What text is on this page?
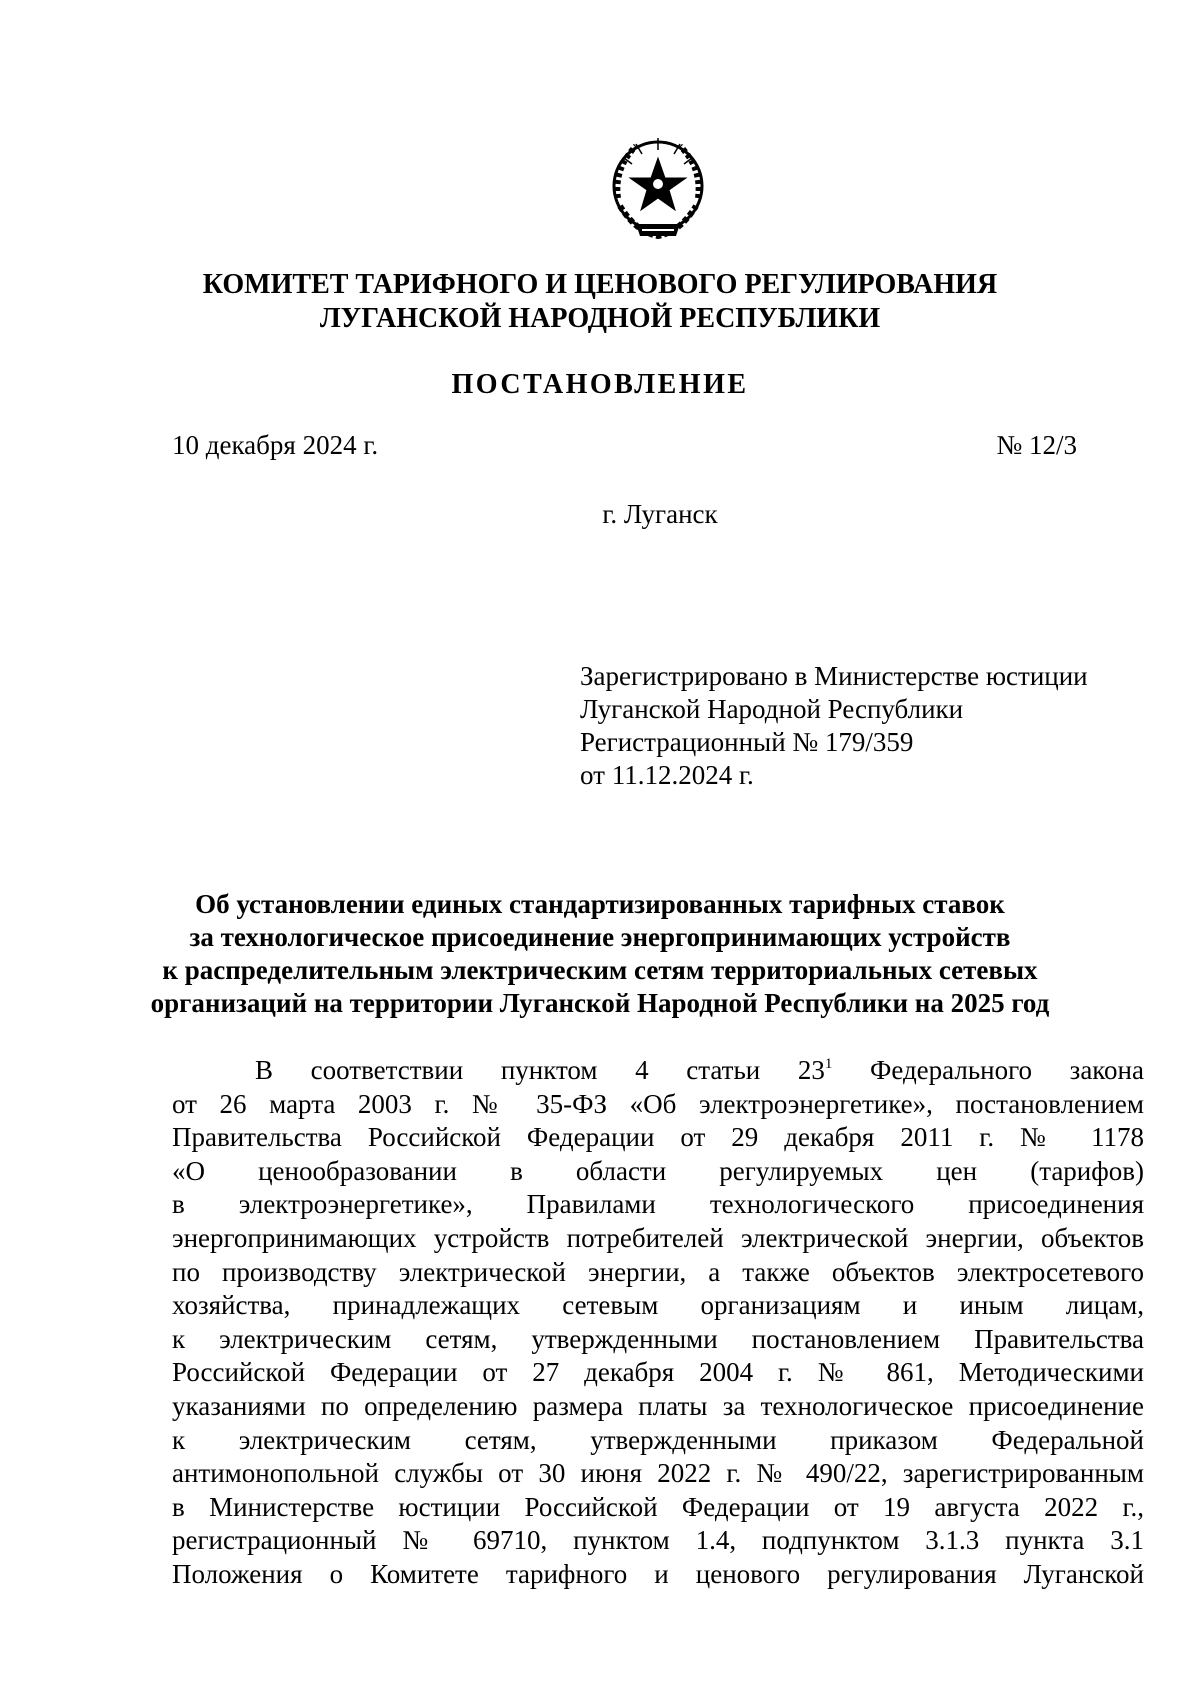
КОМИТЕТ ТАРИФНОГО И ЦЕНОВОГО РЕГУЛИРОВАНИЯ
ЛУГАНСКОЙ НАРОДНОЙ РЕСПУБЛИКИ
ПОСТАНОВЛЕНИЕ
10 декабря 2024 г.	№ 12/3
г. Луганск
Зарегистрировано в Министерстве юстиции
Луганской Народной Республики
Регистрационный № 179/359
от 11.12.2024 г.
Об установлении единых стандартизированных тарифных ставок
за технологическое присоединение энергопринимающих устройств
к распределительным электрическим сетям территориальных сетевых
организаций на территории Луганской Народной Республики на 2025 год
В соответствии пунктом 4 статьи $23^1$ Федерального закона
от 26 марта 2003 г. № 35-ФЗ «Об электроэнергетике», постановлением
Правительства Российской Федерации от 29 декабря 2011 г. № 1178
«О ценообразовании в области регулируемых цен (тарифов)
в электроэнергетике», Правилами технологического присоединения
энергопринимающих устройств потребителей электрической энергии, объектов
по производству электрической энергии, а также объектов электросетевого
хозяйства, принадлежащих сетевым организациям и иным лицам,
к электрическим сетям, утвержденными постановлением Правительства
Российской Федерации от 27 декабря 2004 г. № 861, Методическими
указаниями по определению размера платы за технологическое присоединение
к электрическим сетям, утвержденными приказом Федеральной
антимонопольной службы от 30 июня 2022 г. № 490/22, зарегистрированным
в Министерстве юстиции Российской Федерации от 19 августа 2022 г.,
регистрационный № 69710, пунктом 1.4, подпунктом 3.1.3 пункта 3.1
Положения о Комитете тарифного и ценового регулирования Луганской
